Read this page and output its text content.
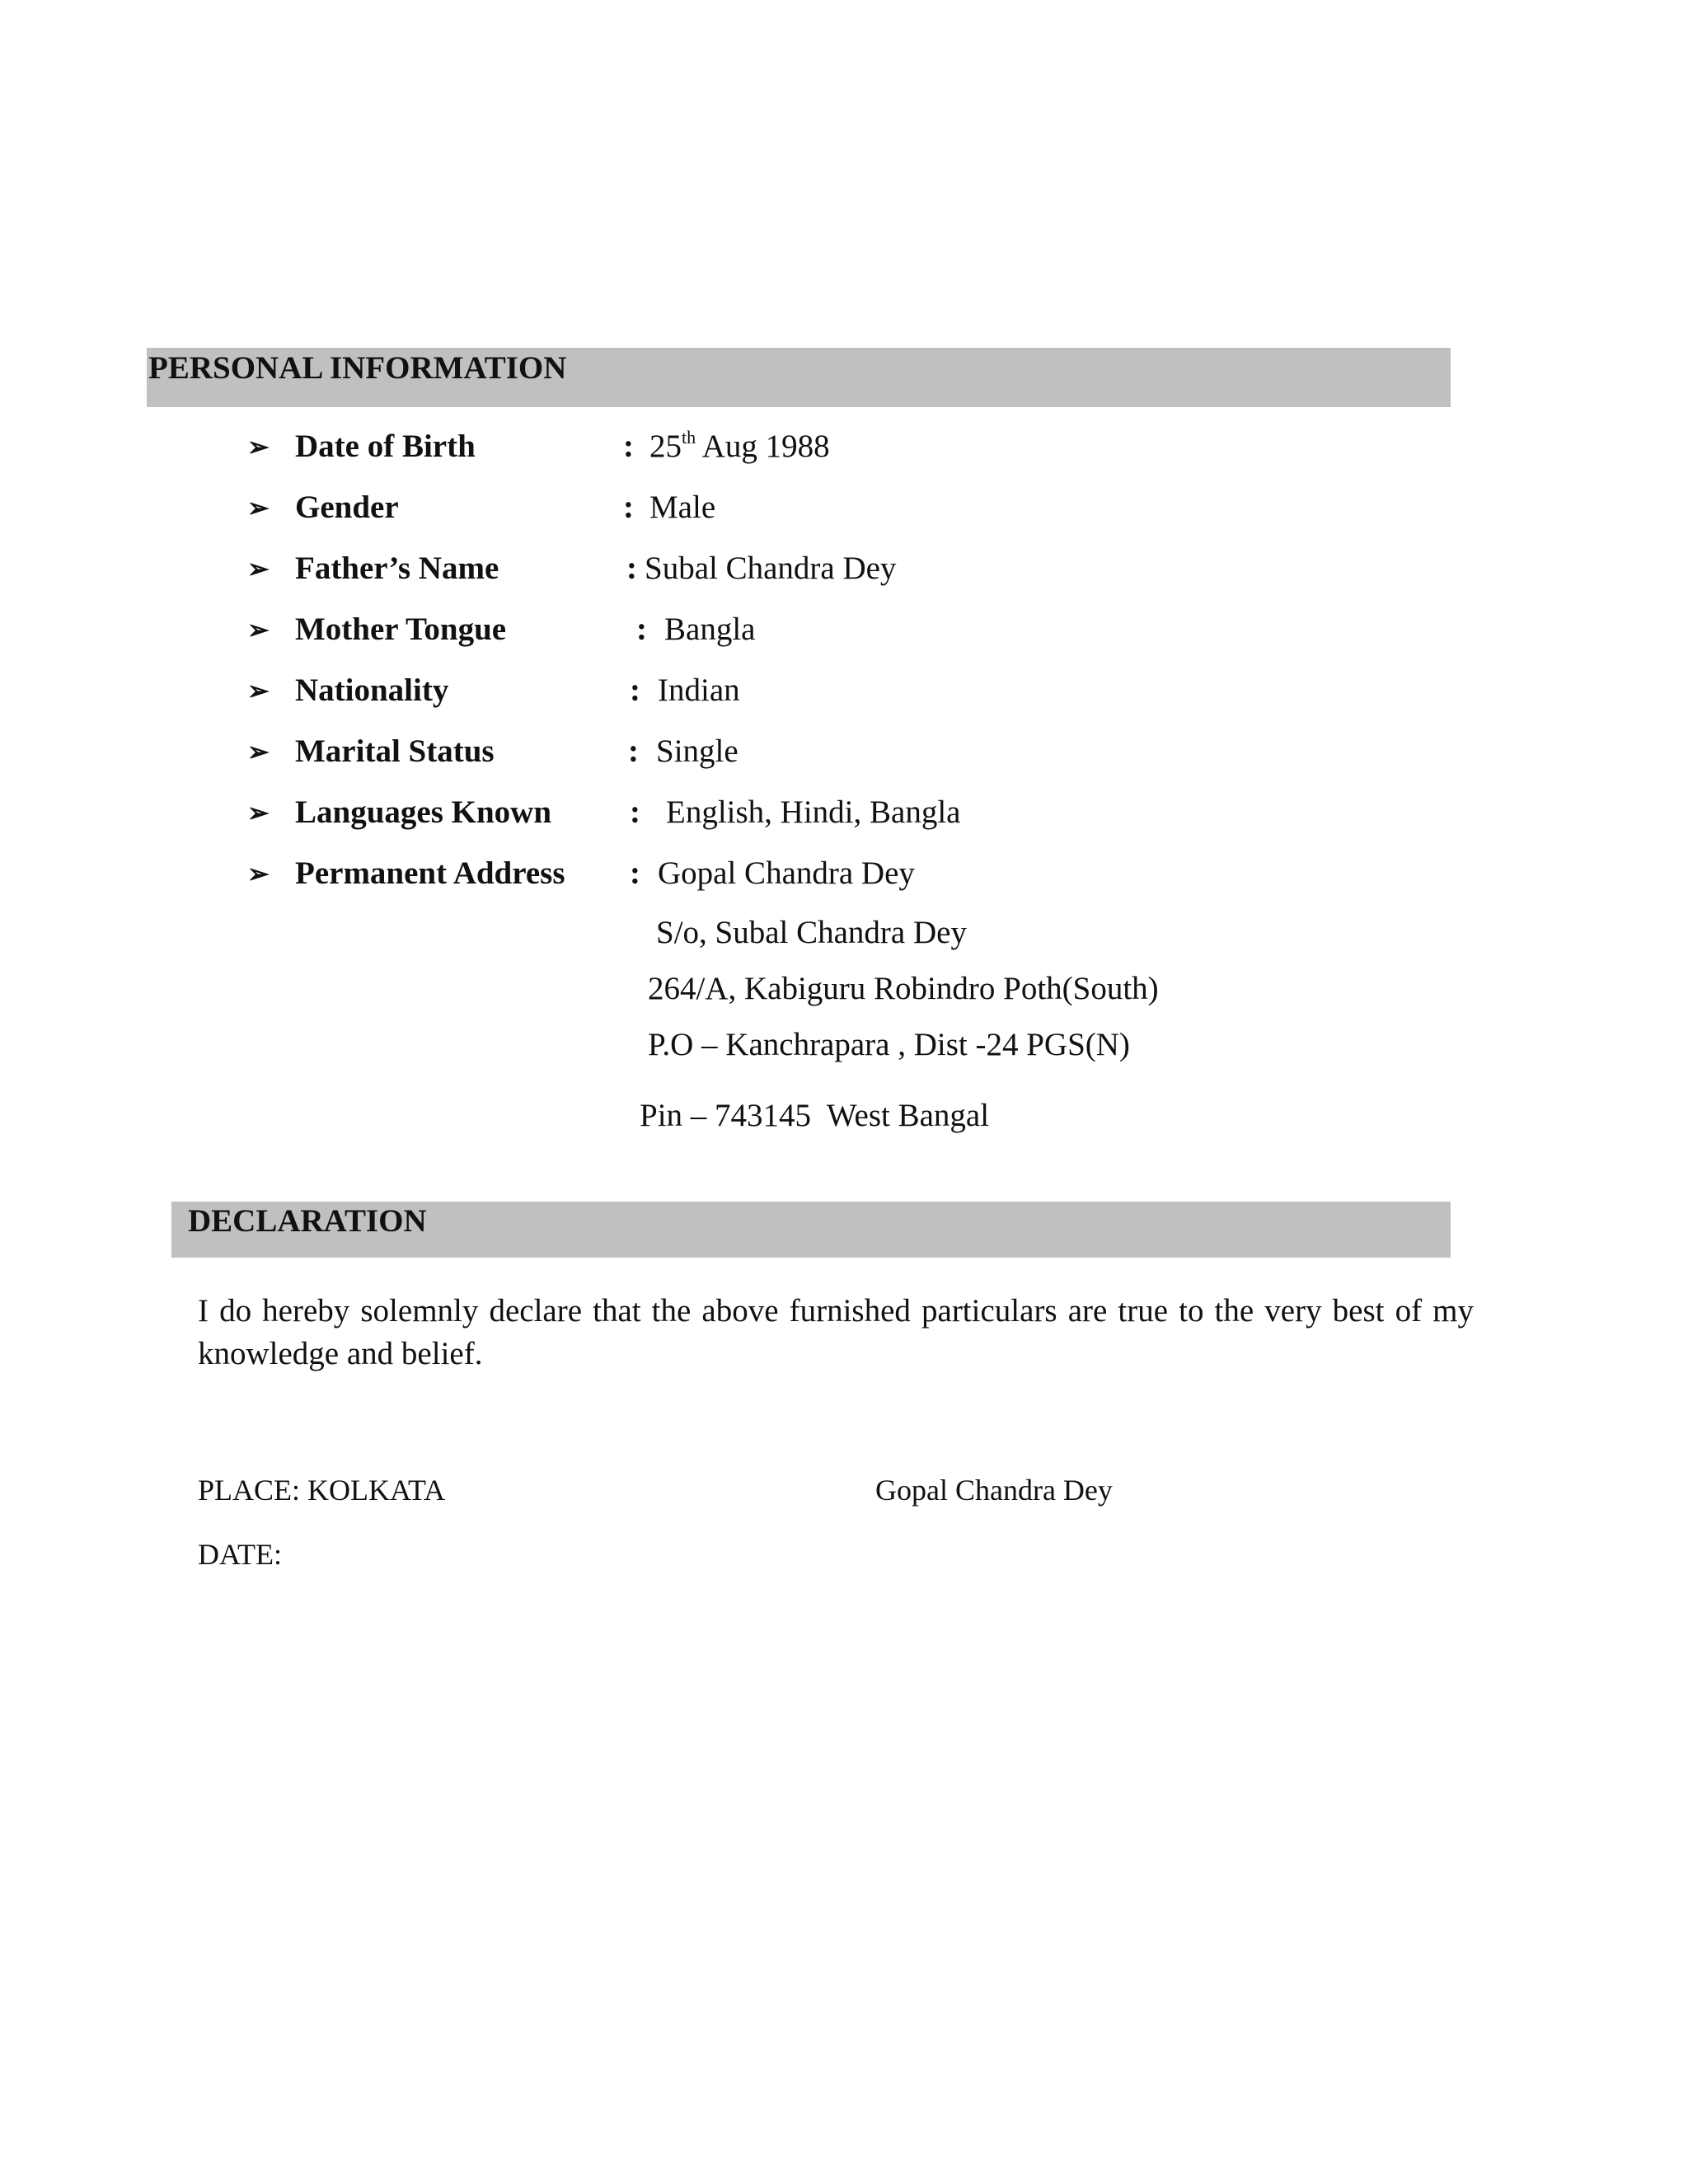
PERSONAL INFORMATION
➢ Date of Birth	: 25th Aug 1988
➢ Gender	: Male
➢ Father’s Name	: Subal Chandra Dey
➢ Mother Tongue	: Bangla
➢ Nationality	: Indian
➢ Marital Status	: Single
➢ Languages Known : English, Hindi, Bangla
➢ Permanent Address : Gopal Chandra Dey
S/o, Subal Chandra Dey
264/A, Kabiguru Robindro Poth(South)
P.O – Kanchrapara , Dist -24 PGS(N)
Pin – 743145  West Bangal
DECLARATION
I do hereby solemnly declare that the above furnished particulars are true to the very best of my knowledge and belief.
PLACE: KOLKATA	Gopal Chandra Dey
DATE:
